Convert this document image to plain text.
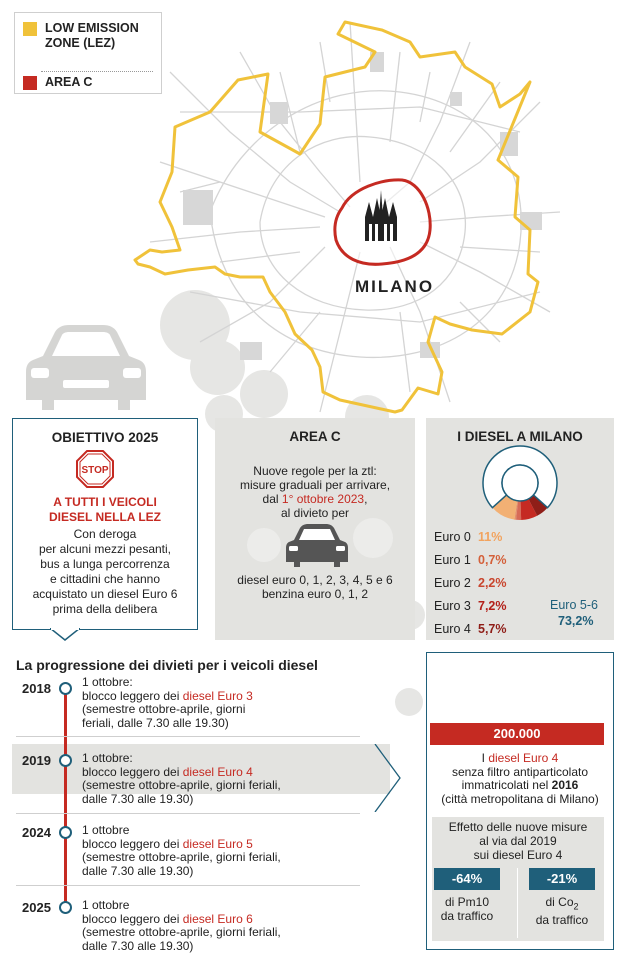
LOW EMISSION ZONE (LEZ)
AREA C
MILANO
OBIETTIVO 2025
A TUTTI I VEICOLI DIESEL NELLA LEZ
Con deroga
per alcuni mezzi pesanti,
bus a lunga percorrenza
e cittadini che hanno
acquistato un diesel Euro 6
prima della delibera
STOP
AREA C
Nuove regole per la ztl:
misure graduali per arrivare,
dal 1° ottobre 2023,
al divieto per
diesel euro 0, 1, 2, 3, 4, 5 e 6
benzina euro 0, 1, 2
I DIESEL A MILANO
Euro 0 11%
Euro 1 0,7%
Euro 2 2,2%
Euro 3 7,2%
Euro 4 5,7%
Euro 5-6
73,2%
La progressione dei divieti per i veicoli diesel
2018	1 ottobre:
blocco leggero dei diesel Euro 3
(semestre ottobre-aprile, giorni
feriali, dalle 7.30 alle 19.30)
2019	1 ottobre:
blocco leggero dei diesel Euro 4
(semestre ottobre-aprile, giorni feriali,
dalle 7.30 alle 19.30)
2024	1 ottobre
blocco leggero dei diesel Euro 5
(semestre ottobre-aprile, giorni feriali,
dalle 7.30 alle 19.30)
2025	1 ottobre
blocco leggero dei diesel Euro 6
(semestre ottobre-aprile, giorni feriali,
dalle 7.30 alle 19.30)
200.000
I diesel Euro 4
senza filtro antiparticolato
immatricolati nel 2016
(città metropolitana di Milano)
Effetto delle nuove misure
al via dal 2019
sui diesel Euro 4
-64%
di Pm10
da traffico
-21%
di $Co_2$
da traffico
